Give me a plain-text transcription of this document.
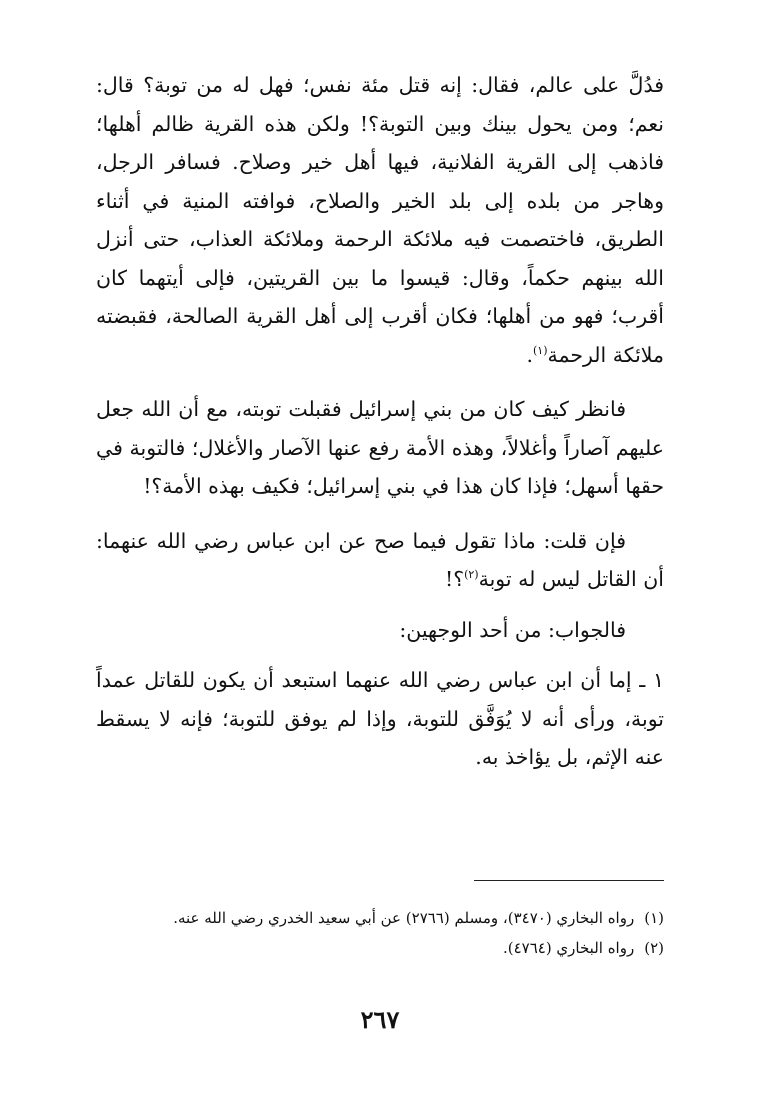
فدُلَّ على عالم، فقال: إنه قتل مئة نفس؛ فهل له من توبة؟ قال: نعم؛ ومن يحول بينك وبين التوبة؟! ولكن هذه القرية ظالم أهلها؛ فاذهب إلى القرية الفلانية، فيها أهل خير وصلاح. فسافر الرجل، وهاجر من بلده إلى بلد الخير والصلاح، فوافته المنية في أثناء الطريق، فاختصمت فيه ملائكة الرحمة وملائكة العذاب، حتى أنزل الله بينهم حكماً، وقال: قيسوا ما بين القريتين، فإلى أيتهما كان أقرب؛ فهو من أهلها؛ فكان أقرب إلى أهل القرية الصالحة، فقبضته ملائكة الرحمة$^{(١)}$.

فانظر كيف كان من بني إسرائيل فقبلت توبته، مع أن الله جعل عليهم آصاراً وأغلالاً، وهذه الأمة رفع عنها الآصار والأغلال؛ فالتوبة في حقها أسهل؛ فإذا كان هذا في بني إسرائيل؛ فكيف بهذه الأمة؟!

فإن قلت: ماذا تقول فيما صح عن ابن عباس رضي الله عنهما: أن القاتل ليس له توبة$^{(٢)}$؟!

فالجواب: من أحد الوجهين:

١ ـ إما أن ابن عباس رضي الله عنهما استبعد أن يكون للقاتل عمداً توبة، ورأى أنه لا يُوَفَّق للتوبة، وإذا لم يوفق للتوبة؛ فإنه لا يسقط عنه الإثم، بل يؤاخذ به.

(١)رواه البخاري (٣٤٧٠)، ومسلم (٢٧٦٦) عن أبي سعيد الخدري رضي الله عنه.

(٢)رواه البخاري (٤٧٦٤).

٢٦٧
